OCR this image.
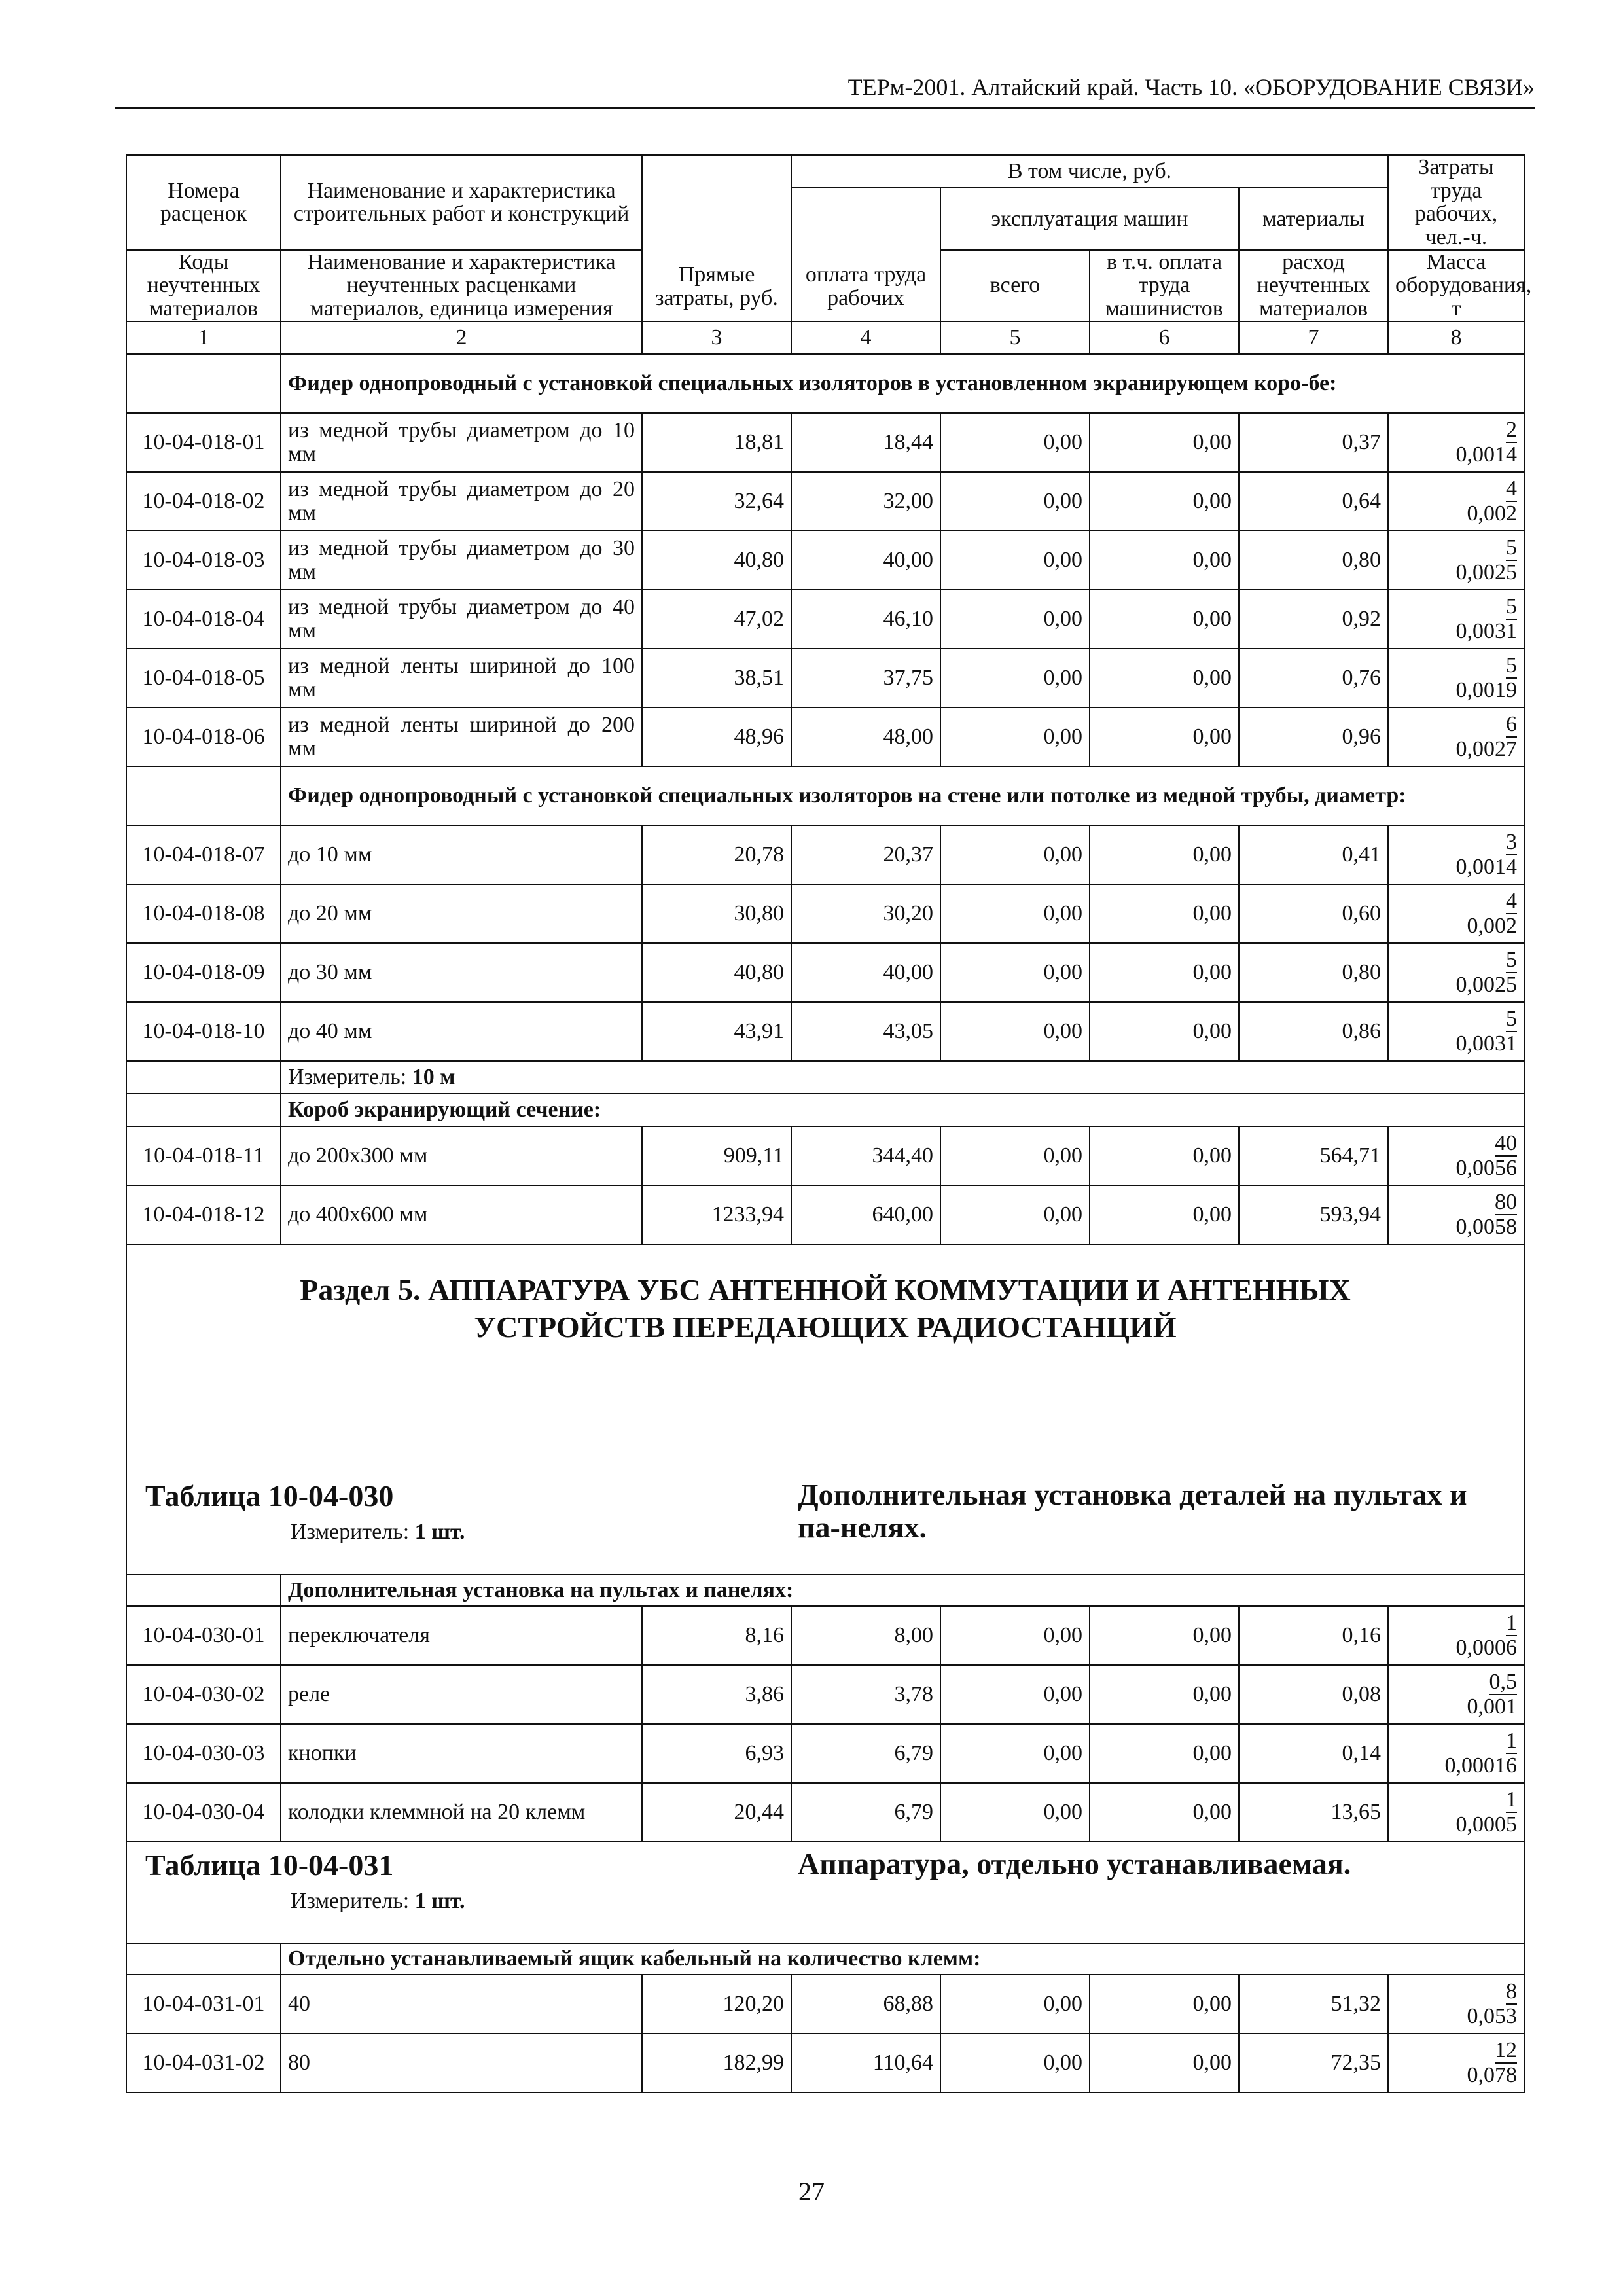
ТЕРм-2001. Алтайский край. Часть 10. «ОБОРУДОВАНИЕ СВЯЗИ»
Номера расценок	Наименование и характеристика строительных работ и конструкций	Прямые затраты, руб.	В том числе, руб.				Затраты труда рабочих, чел.-ч.
			оплата труда рабочих	эксплуатация машин		материалы	
Коды неучтенных материалов	Наименование и характеристика неучтенных расценками материалов, единица измерения			всего	в т.ч. оплата труда машинистов	расход неучтенных материалов	Масса оборудования, т
1	2	3	4	5	6	7	8
	Фидер однопроводный с установкой специальных изоляторов в установленном экранирующем коро-бе:						
10-04-018-01	из медной трубы диаметром до 10 мм	18,81	18,44	0,00	0,00	0,37	2
0,0014

10-04-018-02	из медной трубы диаметром до 20 мм	32,64	32,00	0,00	0,00	0,64	4
0,002

10-04-018-03	из медной трубы диаметром до 30 мм	40,80	40,00	0,00	0,00	0,80	5
0,0025

10-04-018-04	из медной трубы диаметром до 40 мм	47,02	46,10	0,00	0,00	0,92	5
0,0031

10-04-018-05	из медной ленты шириной до 100 мм	38,51	37,75	0,00	0,00	0,76	5
0,0019

10-04-018-06	из медной ленты шириной до 200 мм	48,96	48,00	0,00	0,00	0,96	6
0,0027

	Фидер однопроводный с установкой специальных изоляторов на стене или потолке из медной трубы, диаметр:						
10-04-018-07	до 10 мм	20,78	20,37	0,00	0,00	0,41	3
0,0014

10-04-018-08	до 20 мм	30,80	30,20	0,00	0,00	0,60	4
0,002

10-04-018-09	до 30 мм	40,80	40,00	0,00	0,00	0,80	5
0,0025

10-04-018-10	до 40 мм	43,91	43,05	0,00	0,00	0,86	5
0,0031

	Измеритель: 10 м						
	Короб экранирующий сечение:						
10-04-018-11	до 200х300 мм	909,11	344,40	0,00	0,00	564,71	40
0,0056

10-04-018-12	до 400х600 мм	1233,94	640,00	0,00	0,00	593,94	80
0,0058

Раздел 5. АППАРАТУРА УБС АНТЕННОЙ КОММУТАЦИИ И АНТЕННЫХ
УСТРОЙСТВ ПЕРЕДАЮЩИХ РАДИОСТАНЦИЙ							

Таблица 10-04-030
Измеритель: 1 шт.			Дополнительная установка деталей на пультах и па-нелях.				

	Дополнительная установка на пультах и панелях:						
10-04-030-01	переключателя	8,16	8,00	0,00	0,00	0,16	1
0,0006

10-04-030-02	реле	3,86	3,78	0,00	0,00	0,08	0,5
0,001

10-04-030-03	кнопки	6,93	6,79	0,00	0,00	0,14	1
0,00016

10-04-030-04	колодки клеммной на 20 клемм	20,44	6,79	0,00	0,00	13,65	1
0,0005

Таблица 10-04-031
Измеритель: 1 шт.			Аппаратура, отдельно устанавливаемая.				

	Отдельно устанавливаемый ящик кабельный на количество клемм:						
10-04-031-01	40	120,20	68,88	0,00	0,00	51,32	8
0,053

10-04-031-02	80	182,99	110,64	0,00	0,00	72,35	12
0,078
27
